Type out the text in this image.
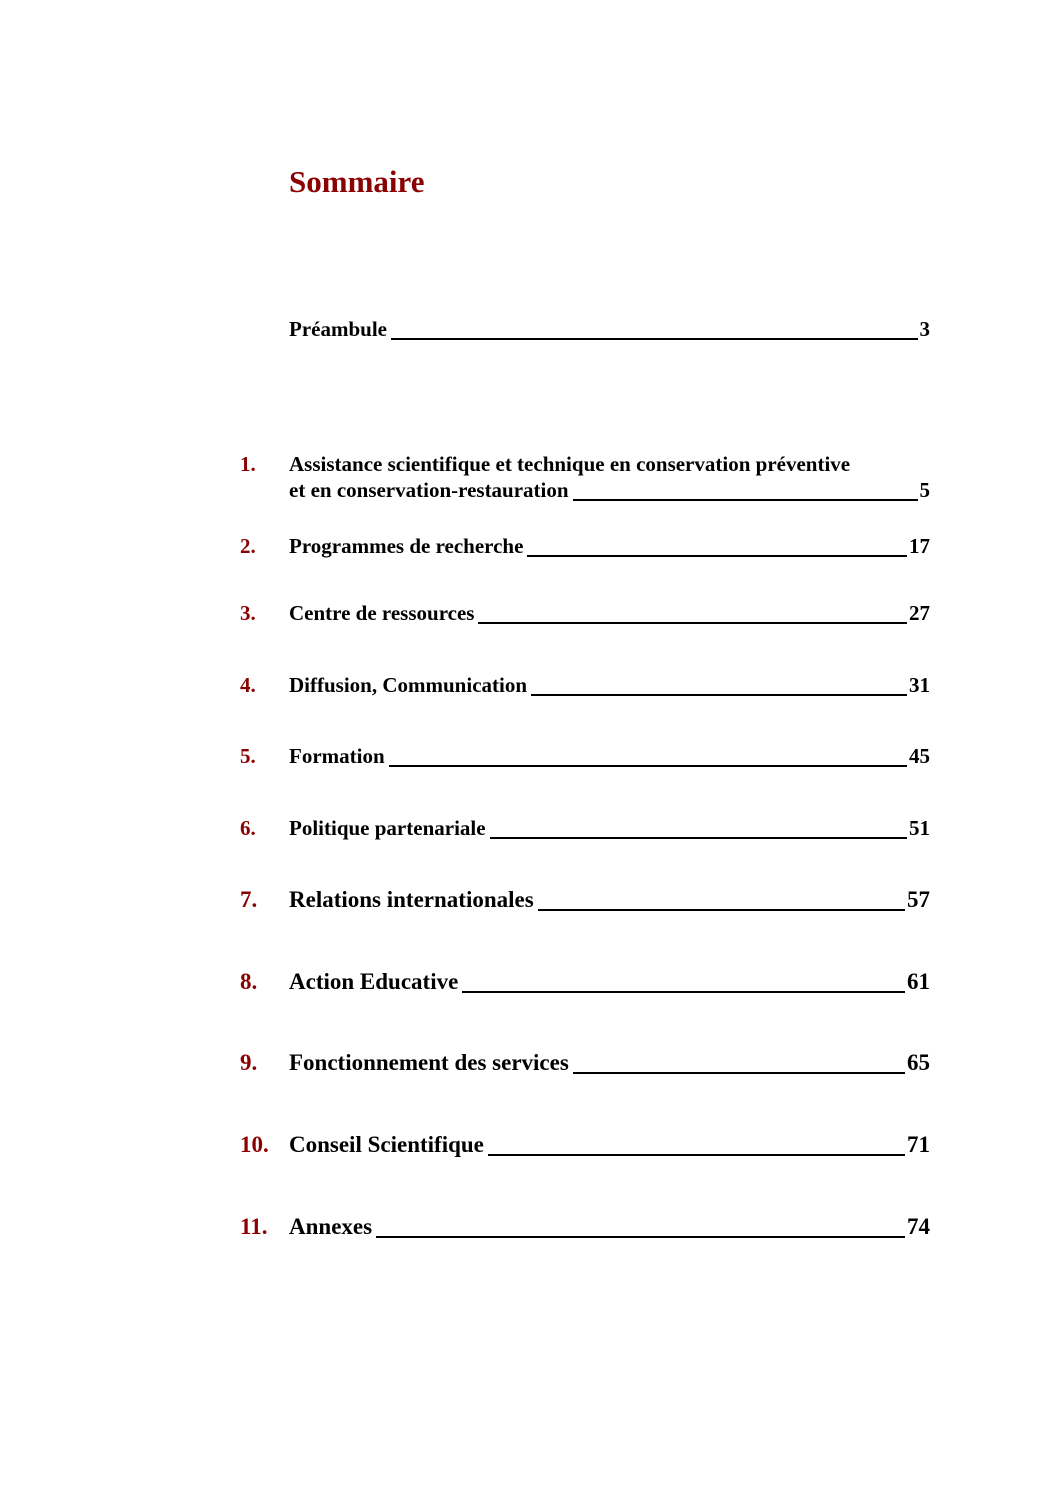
Sommaire
Préambule	3
1. Assistance scientifique et technique en conservation préventive
et en conservation-restauration	5
2. Programmes de recherche	17
3. Centre de ressources	27
4. Diffusion, Communication	31
5. Formation	45
6. Politique partenariale	51
7. Relations internationales	57
8. Action Educative	61
9. Fonctionnement des services	65
10. Conseil Scientifique	71
11. Annexes	74
